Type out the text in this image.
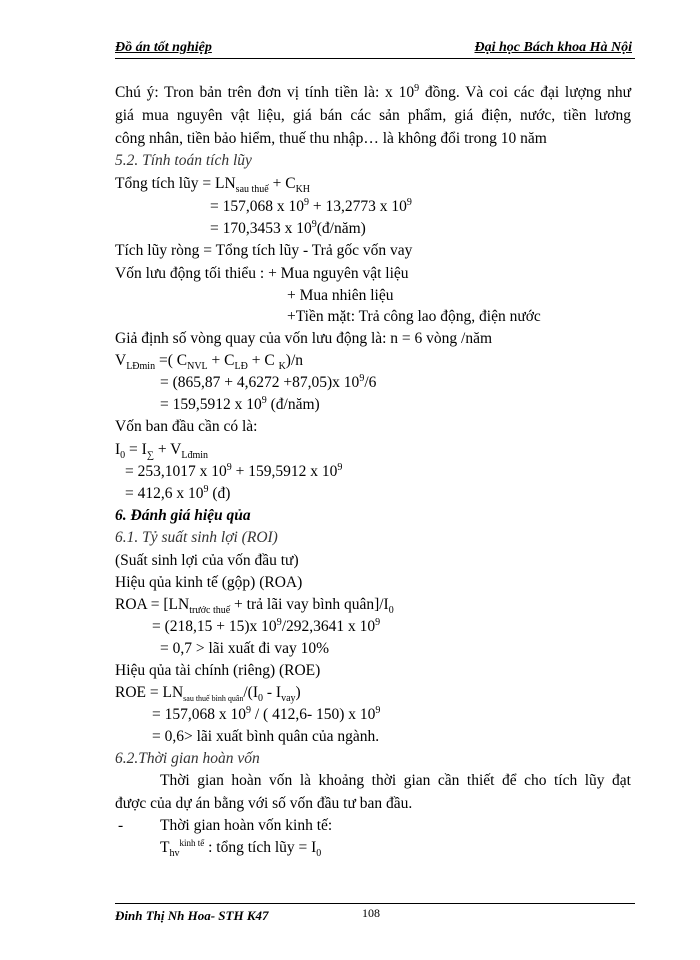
Đồ án tốt nghiệp	Đại học Bách khoa Hà Nội
Chú ý: Tron bản trên đơn vị tính tiền là: x $10^9$ đồng. Và coi các đại lượng như
giá mua nguyên vật liệu, giá bán các sản phẩm, giá điện, nước, tiền lương
công nhân, tiền bảo hiểm, thuế thu nhập… là không đổi trong 10 năm
5.2. Tính toán tích lũy
Tổng tích lũy = $LN_{sau thuế} + C_{KH}$
= 157,068 x $10^9 + 13,2773$ x $10^9$
= 170,3453 x $10^9(đ/năm)$
Tích lũy ròng = Tổng tích lũy - Trả gốc vốn vay
Vốn lưu động tối thiểu : + Mua nguyên vật liệu
+ Mua nhiên liệu
+Tiền mặt: Trả công lao động, điện nước
Giả định số vòng quay của vốn lưu động là: n = 6 vòng /năm
$V_{LĐmin}$ =( $C_{NVL} + C_{LĐ} + C$ $_K$)/n
= (865,87 + 4,6272 +87,05)x $10^9/6$
= 159,5912 x $10^9$ (đ/năm)
Vốn ban đầu cần có là:
$I_0 = I_\sum + V_{Lđmin}$
= 253,1017 x $10^9 + 159,5912$ x $10^9$
= 412,6 x $10^9$ (đ)
6. Đánh giá hiệu qủa
6.1. Tỷ suất sinh lợi (ROI)
(Suất sinh lợi của vốn đầu tư)
Hiệu qủa kinh tế (gộp) (ROA)
ROA = [$LN_{trước thuế}$ + trả lãi vay bình $quân]/I_0$
= (218,15 + 15)x $10^9/292,3641$ x $10^9$
= 0,7 > lãi xuất đi vay 10%
Hiệu qủa tài chính (riêng) (ROE)
ROE = $LN_{sau thuế bình quân}/(I_0 - I_{vay})$
= 157,068 x $10^9$ / ( 412,6- 150) x $10^9$
= 0,6> lãi xuất bình quân của ngành.
6.2.Thời gian hoàn vốn
Thời gian hoàn vốn là khoảng thời gian cần thiết để cho tích lũy đạt
được của dự án bằng với số vốn đầu tư ban đầu.
- Thời gian hoàn vốn kinh tế:
$T_{hv}^{kinh tế}$ : tổng tích lũy = $I_0$
Đinh Thị Nh Hoa- STH K47	108
